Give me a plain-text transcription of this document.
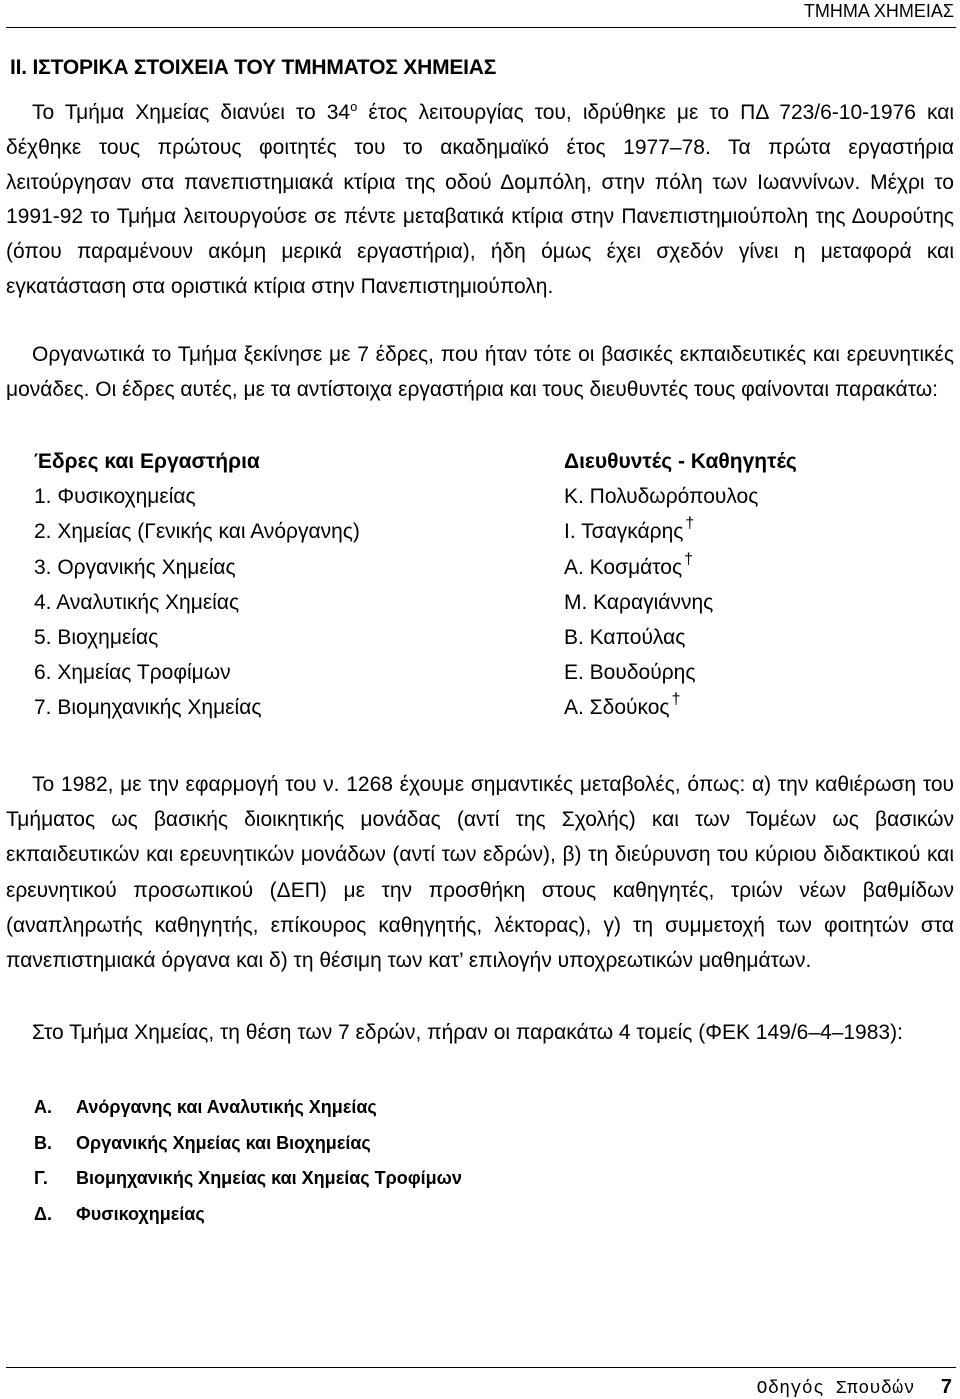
ΤΜΗΜΑ ΧΗΜΕΙΑΣ
ΙΙ. ΙΣΤΟΡΙΚΑ ΣΤΟΙΧΕΙΑ ΤΟΥ ΤΜΗΜΑΤΟΣ ΧΗΜΕΙΑΣ
Το Τμήμα Χημείας διανύει το $34^o$ έτος λειτουργίας του, ιδρύθηκε με το ΠΔ 723/6-10-1976 και δέχθηκε τους πρώτους φοιτητές του το ακαδημαϊκό έτος 1977–78. Τα πρώτα εργαστήρια λειτούργησαν στα πανεπιστημιακά κτίρια της οδού Δομπόλη, στην πόλη των Ιωαννίνων. Μέχρι το 1991-92 το Τμήμα λειτουργούσε σε πέντε μεταβατικά κτίρια στην Πανεπιστημιούπολη της Δουρούτης (όπου παραμένουν ακόμη μερικά εργαστήρια), ήδη όμως έχει σχεδόν γίνει η μεταφορά και εγκατάσταση στα οριστικά κτίρια στην Πανεπιστημιούπολη.
Οργανωτικά το Τμήμα ξεκίνησε με 7 έδρες, που ήταν τότε οι βασικές εκπαιδευτικές και ερευνητικές μονάδες. Οι έδρες αυτές, με τα αντίστοιχα εργαστήρια και τους διευθυντές τους φαίνονται παρακάτω:
Έδρες και Εργαστήρια	Διευθυντές - Καθηγητές
1. Φυσικοχημείας	Κ. Πολυδωρόπουλος
2. Χημείας (Γενικής και Ανόργανης)	Ι. Τσαγκάρης †
3. Οργανικής Χημείας	Α. Κοσμάτος †
4. Αναλυτικής Χημείας	Μ. Καραγιάννης
5. Βιοχημείας	Β. Καπούλας
6. Χημείας Τροφίμων	Ε. Βουδούρης
7. Βιομηχανικής Χημείας	Α. Σδούκος †
Το 1982, με την εφαρμογή του ν. 1268 έχουμε σημαντικές μεταβολές, όπως: α) την καθιέρωση του Τμήματος ως βασικής διοικητικής μονάδας (αντί της Σχολής) και των Τομέων ως βασικών εκπαιδευτικών και ερευνητικών μονάδων (αντί των εδρών), β) τη διεύρυνση του κύριου διδακτικού και ερευνητικού προσωπικού (ΔΕΠ) με την προσθήκη στους καθηγητές, τριών νέων βαθμίδων (αναπληρωτής καθηγητής, επίκουρος καθηγητής, λέκτορας), γ) τη συμμετοχή των φοιτητών στα πανεπιστημιακά όργανα και δ) τη θέσιμη των κατ’ επιλογήν υποχρεωτικών μαθημάτων.
Στο Τμήμα Χημείας, τη θέση των 7 εδρών, πήραν οι παρακάτω 4 τομείς (ΦΕΚ 149/6–4–1983):
Α. Ανόργανης και Αναλυτικής Χημείας
Β. Οργανικής Χημείας και Βιοχημείας
Γ. Βιομηχανικής Χημείας και Χημείας Τροφίμων
Δ. Φυσικοχημείας
Οδηγός Σπουδών 7
